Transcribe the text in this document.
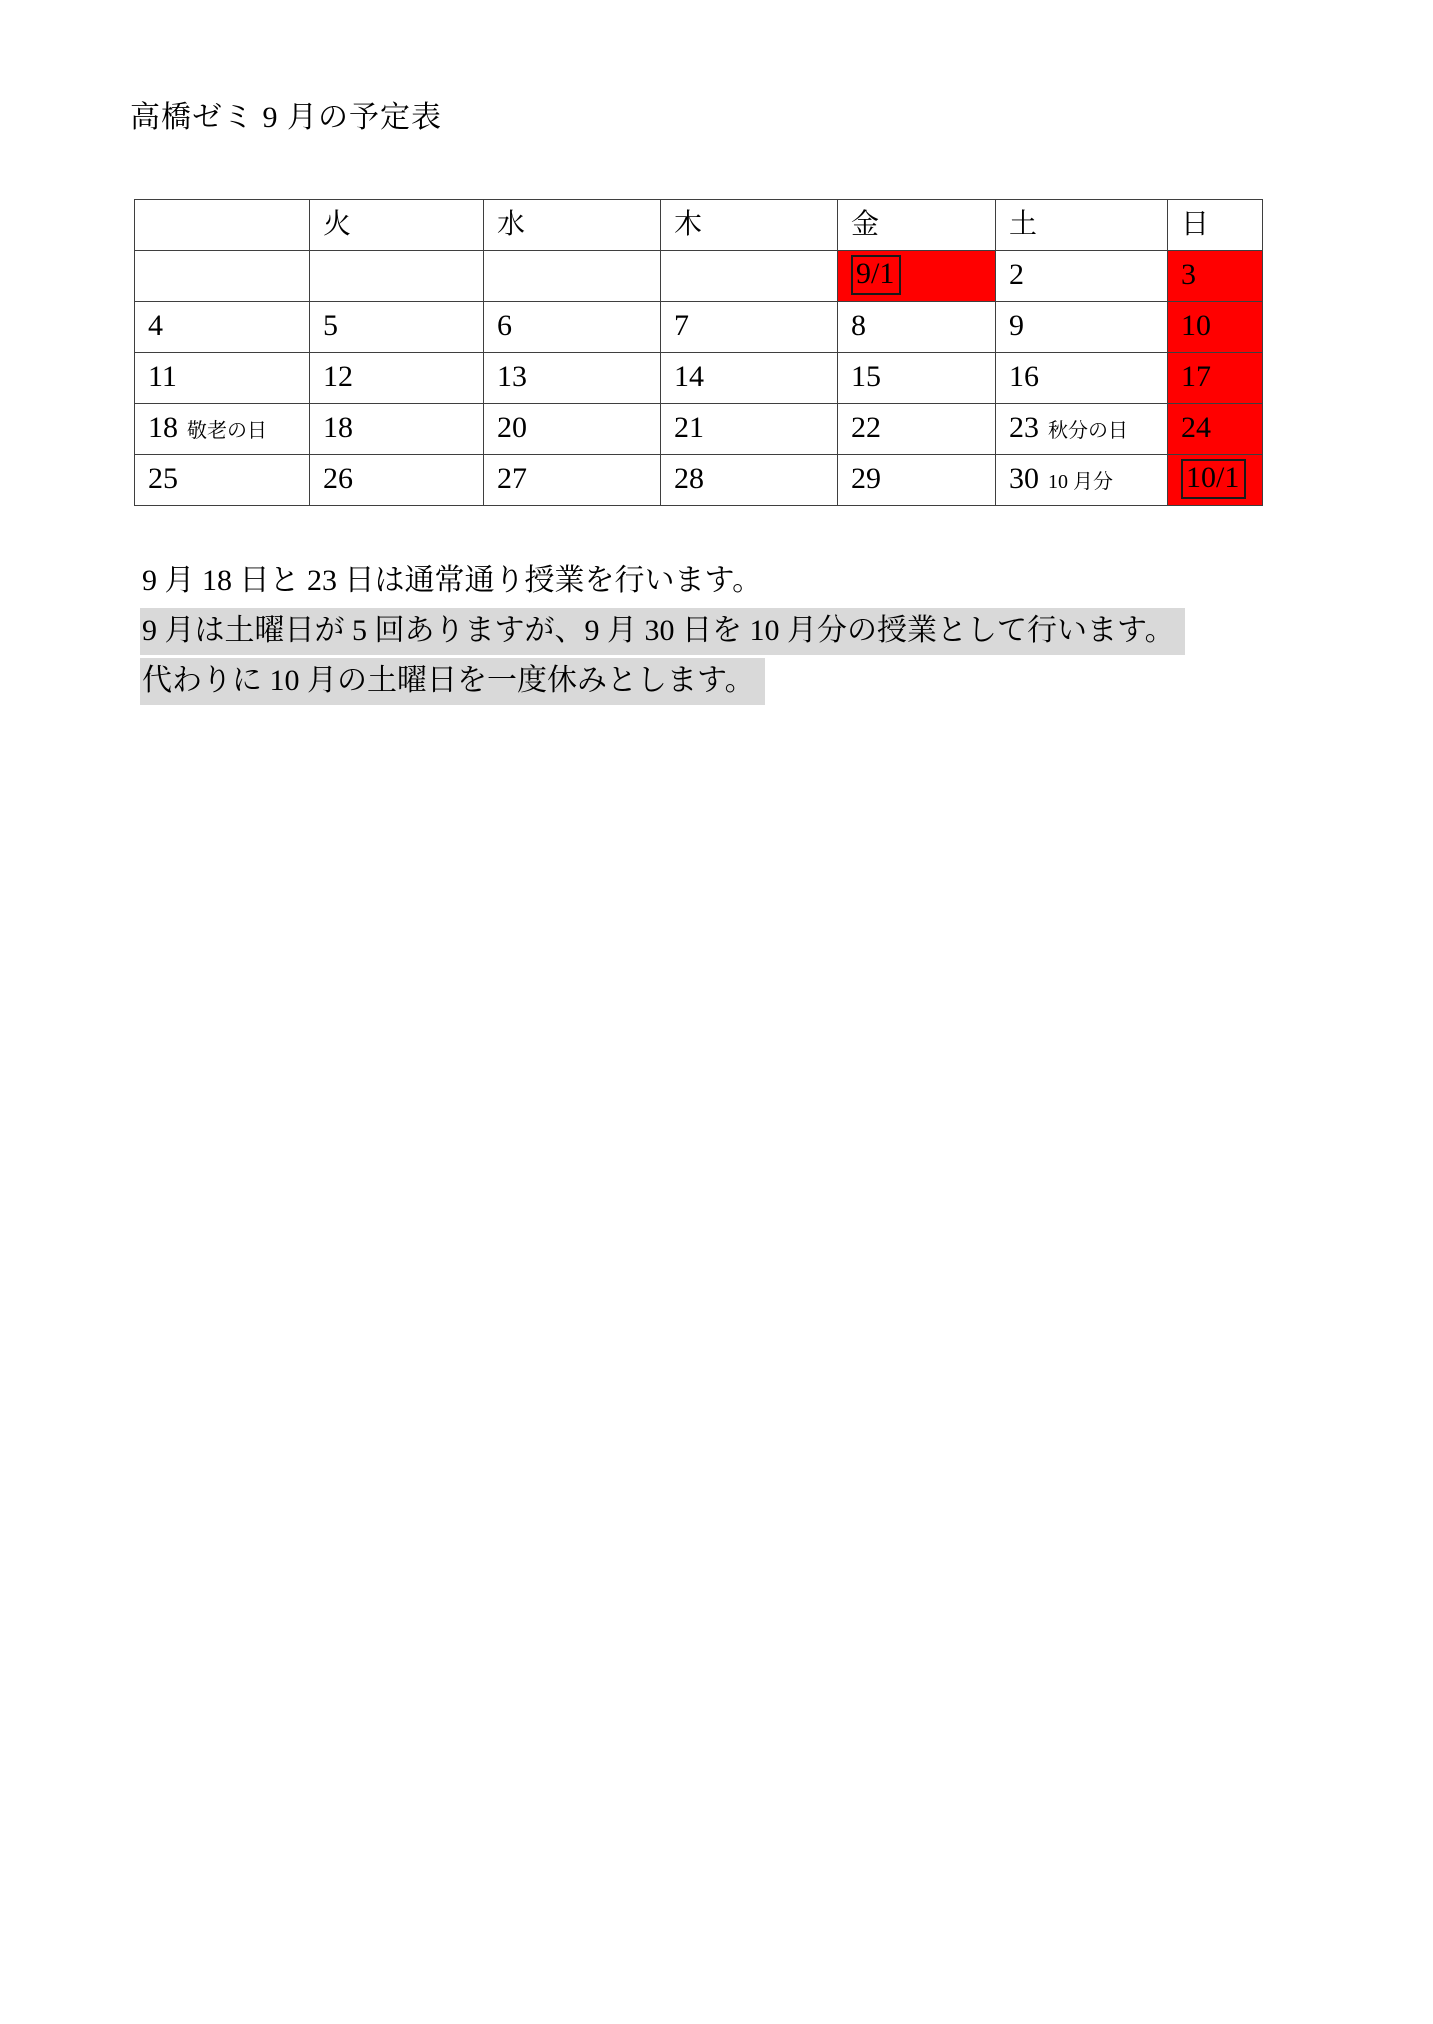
高橋ゼミ 9 月の予定表
	火	水	木	金	土	日
				9/1	2	3
4	5	6	7	8	9	10
11	12	13	14	15	16	17
18 敬老の日	18	20	21	22	23 秋分の日	24
25	26	27	28	29	30 10 月分	10/1
9 月 18 日と 23 日は通常通り授業を行います。
9 月は土曜日が 5 回ありますが、9 月 30 日を 10 月分の授業として行います。
代わりに 10 月の土曜日を一度休みとします。
